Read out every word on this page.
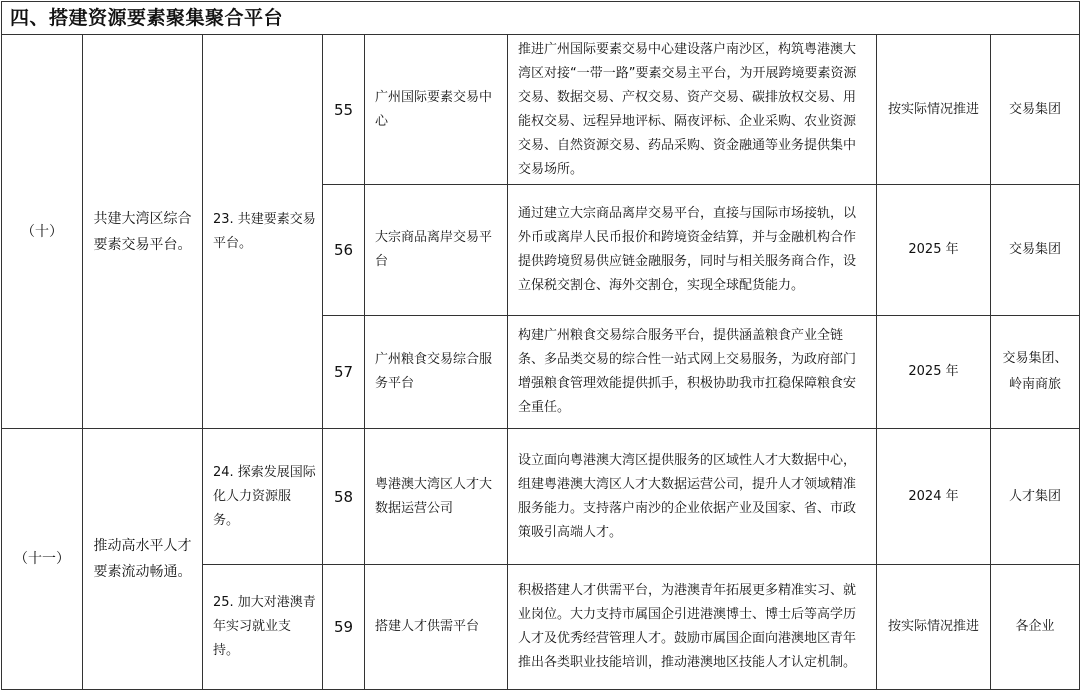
四、搭建资源要素聚集聚合平台							
（十）	共建大湾区综合要素交易平台。	23. 共建要素交易平台。	55	广州国际要素交易中心	推进广州国际要素交易中心建设落户南沙区，构筑粤港澳大湾区对接“一带一路”要素交易主平台，为开展跨境要素资源交易、数据交易、产权交易、资产交易、碳排放权交易、用能权交易、远程异地评标、隔夜评标、企业采购、农业资源交易、自然资源交易、药品采购、资金融通等业务提供集中交易场所。	按实际情况推进	交易集团
			56	大宗商品离岸交易平台	通过建立大宗商品离岸交易平台，直接与国际市场接轨，以外币或离岸人民币报价和跨境资金结算，并与金融机构合作提供跨境贸易供应链金融服务，同时与相关服务商合作，设立保税交割仓、海外交割仓，实现全球配货能力。	2025 年	交易集团
			57	广州粮食交易综合服务平台	构建广州粮食交易综合服务平台，提供涵盖粮食产业全链条、多品类交易的综合性一站式网上交易服务，为政府部门增强粮食管理效能提供抓手，积极协助我市扛稳保障粮食安全重任。	2025 年	交易集团、岭南商旅
（十一）	推动高水平人才要素流动畅通。	24. 探索发展国际化人力资源服务。	58	粤港澳大湾区人才大数据运营公司	设立面向粤港澳大湾区提供服务的区域性人才大数据中心，组建粤港澳大湾区人才大数据运营公司，提升人才领域精准服务能力。支持落户南沙的企业依据产业及国家、省、市政策吸引高端人才。	2024 年	人才集团
		25. 加大对港澳青年实习就业支持。	59	搭建人才供需平台	积极搭建人才供需平台，为港澳青年拓展更多精准实习、就业岗位。大力支持市属国企引进港澳博士、博士后等高学历人才及优秀经营管理人才。鼓励市属国企面向港澳地区青年推出各类职业技能培训，推动港澳地区技能人才认定机制。	按实际情况推进	各企业
